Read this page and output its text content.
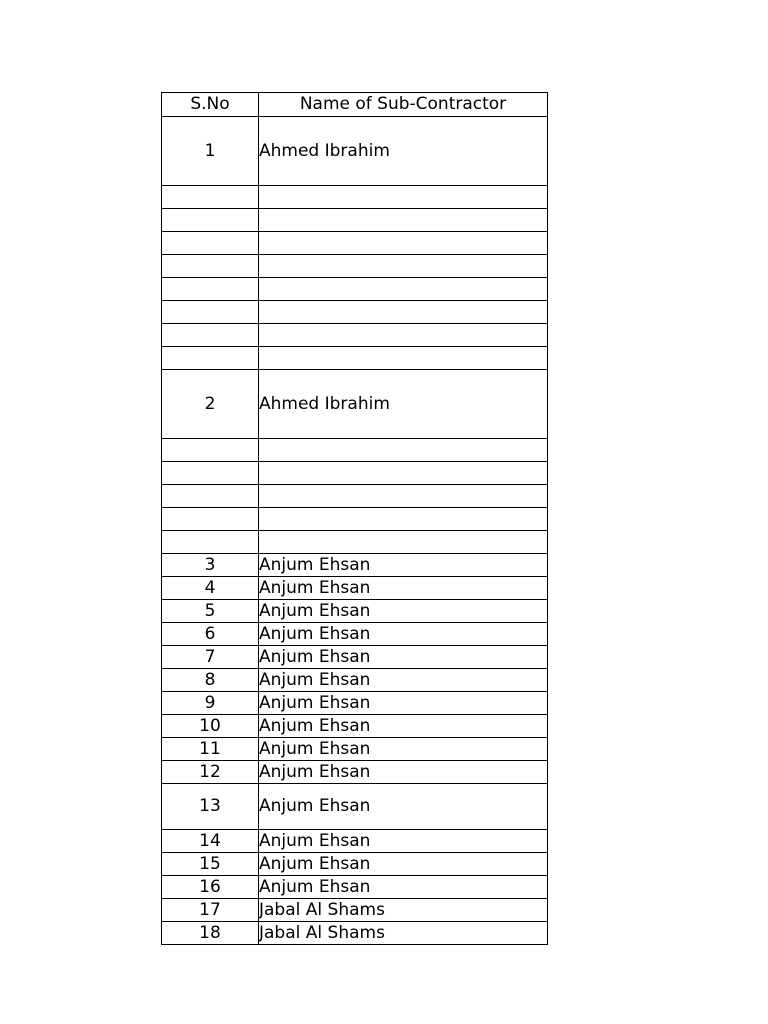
S.No	Name of Sub-Contractor
1	Ahmed Ibrahim

2	Ahmed Ibrahim

3	Anjum Ehsan
4	Anjum Ehsan
5	Anjum Ehsan
6	Anjum Ehsan
7	Anjum Ehsan
8	Anjum Ehsan
9	Anjum Ehsan
10	Anjum Ehsan
11	Anjum Ehsan
12	Anjum Ehsan
13	Anjum Ehsan
14	Anjum Ehsan
15	Anjum Ehsan
16	Anjum Ehsan
17	Jabal Al Shams
18	Jabal Al Shams
